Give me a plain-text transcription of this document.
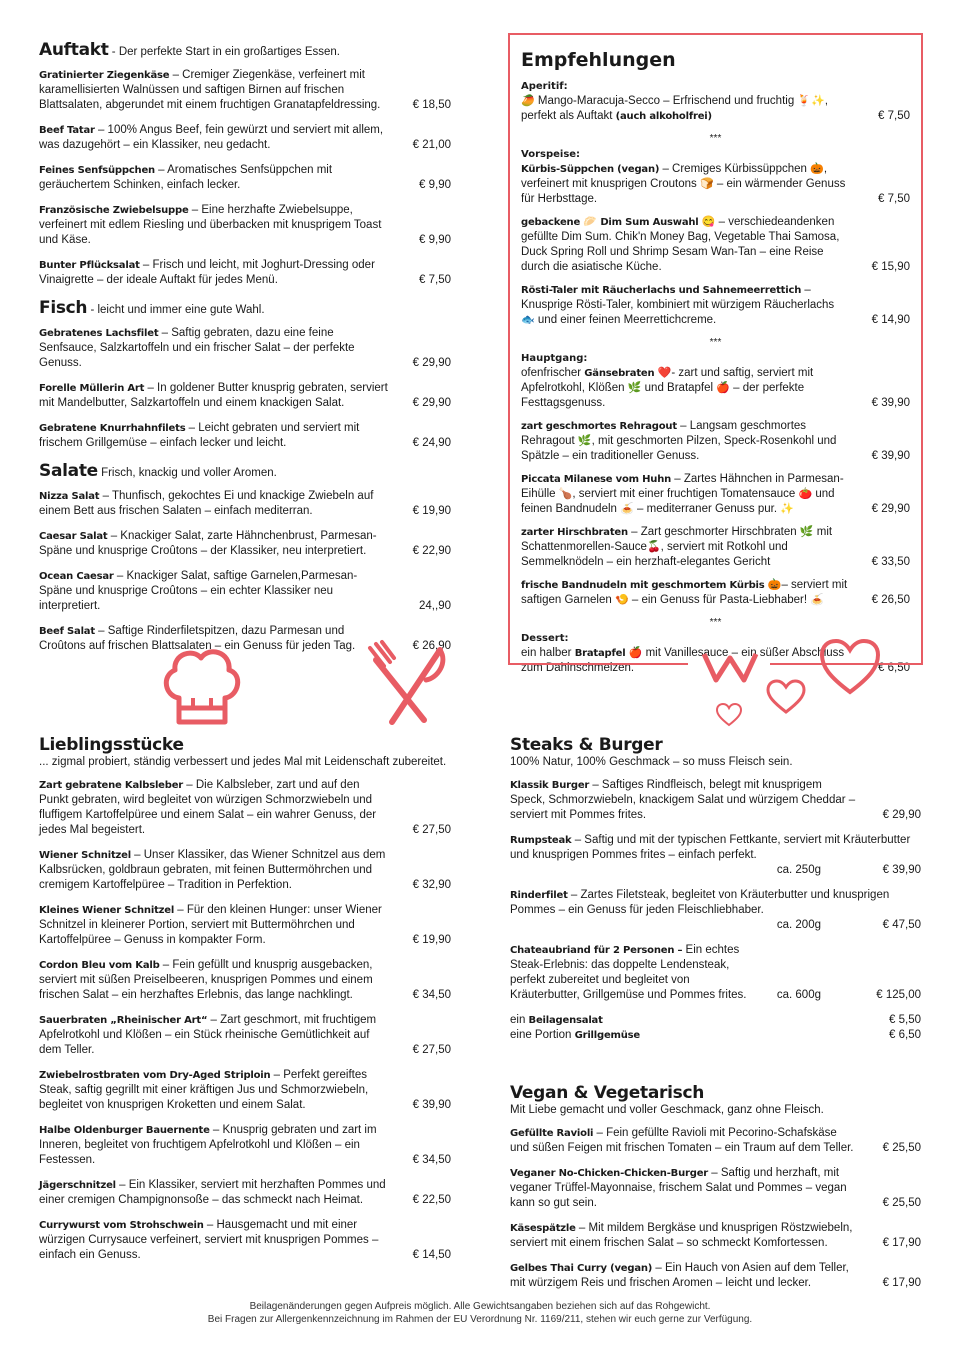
Auftakt - Der perfekte Start in ein großartiges Essen.
Gratinierter Ziegenkäse – Cremiger Ziegenkäse, verfeinert mit karamellisierten Walnüssen und saftigen Birnen auf frischen Blattsalaten, abgerundet mit einem fruchtigen Granatapfeldressing.	€ 18,50
Beef Tatar – 100% Angus Beef, fein gewürzt und serviert mit allem, was dazugehört – ein Klassiker, neu gedacht.	€ 21,00
Feines Senfsüppchen – Aromatisches Senfsüppchen mit geräuchertem Schinken, einfach lecker.	€ 9,90
Französische Zwiebelsuppe – Eine herzhafte Zwiebelsuppe, verfeinert mit edlem Riesling und überbacken mit knusprigem Toast und Käse.	€ 9,90
Bunter Pflücksalat – Frisch und leicht, mit Joghurt-Dressing oder Vinaigrette – der ideale Auftakt für jedes Menü.	€ 7,50
Fisch - leicht und immer eine gute Wahl.
Gebratenes Lachsfilet – Saftig gebraten, dazu eine feine Senfsauce, Salzkartoffeln und ein frischer Salat – der perfekte Genuss.	€ 29,90
Forelle Müllerin Art – In goldener Butter knusprig gebraten, serviert mit Mandelbutter, Salzkartoffeln und einem knackigen Salat.	€ 29,90
Gebratene Knurrhahnfilets – Leicht gebraten und serviert mit frischem Grillgemüse – einfach lecker und leicht.	€ 24,90
Salate Frisch, knackig und voller Aromen.
Nizza Salat – Thunfisch, gekochtes Ei und knackige Zwiebeln auf einem Bett aus frischen Salaten – einfach mediterran.	€ 19,90
Caesar Salat – Knackiger Salat, zarte Hähnchenbrust, Parmesan-Späne und knusprige Croûtons – der Klassiker, neu interpretiert.	€ 22,90
Ocean Caesar – Knackiger Salat, saftige Garnelen,Parmesan-Späne und knusprige Croûtons – ein echter Klassiker neu interpretiert.	24,,90
Beef Salat – Saftige Rinderfiletspitzen, dazu Parmesan und Croûtons auf frischen Blattsalaten – ein Genuss für jeden Tag.	€ 26,90
Empfehlungen
Aperitif:
🥭 Mango-Maracuja-Secco – Erfrischend und fruchtig 🍹✨,
perfekt als Auftakt (auch alkoholfrei)	€ 7,50
***
Vorspeise:
Kürbis-Süppchen (vegan) – Cremiges Kürbissüppchen 🎃, verfeinert mit knusprigen Croutons 🍞 – ein wärmender Genuss für Herbsttage.	€ 7,50
gebackene 🥟 Dim Sum Auswahl 😋 – verschiedeandenken gefüllte Dim Sum. Chik'n Money Bag, Vegetable Thai Samosa, Duck Spring Roll und Shrimp Sesam Wan-Tan – eine Reise durch die asiatische Küche.	€ 15,90
Rösti-Taler mit Räucherlachs und Sahnemeerrettich – Knusprige Rösti-Taler, kombiniert mit würzigem Räucherlachs 🐟 und einer feinen Meerrettichcreme.	€ 14,90
***
Hauptgang:
ofenfrischer Gänsebraten ❤️- zart und saftig, serviert mit Apfelrotkohl, Klößen 🌿 und Bratapfel 🍎 – der perfekte Festtagsgenuss.	€ 39,90
zart geschmortes Rehragout – Langsam geschmortes Rehragout 🌿, mit geschmorten Pilzen, Speck-Rosenkohl und Spätzle – ein traditioneller Genuss.	€ 39,90
Piccata Milanese vom Huhn – Zartes Hähnchen in Parmesan-Eihülle 🍗, serviert mit einer fruchtigen Tomatensauce 🍅 und feinen Bandnudeln 🍝 – mediterraner Genuss pur. ✨	€ 29,90
zarter Hirschbraten – Zart geschmorter Hirschbraten 🌿 mit Schattenmorellen-Sauce🍒, serviert mit Rotkohl und Semmelknödeln – ein herzhaft-elegantes Gericht	€ 33,50
frische Bandnudeln mit geschmortem Kürbis 🎃– serviert mit saftigen Garnelen 🍤 – ein Genuss für Pasta-Liebhaber! 🍝	€ 26,50
***
Dessert:
ein halber Bratapfel 🍎 mit Vanillesauce – ein süßer Abschluss zum Dahinschmelzen.	€ 6,50
Lieblingsstücke
... zigmal probiert, ständig verbessert und jedes Mal mit Leidenschaft zubereitet.
Zart gebratene Kalbsleber – Die Kalbsleber, zart und auf den Punkt gebraten, wird begleitet von würzigen Schmorzwiebeln und fluffigem Kartoffelpüree und einem Salat – ein wahrer Genuss, der jedes Mal begeistert.	€ 27,50
Wiener Schnitzel – Unser Klassiker, das Wiener Schnitzel aus dem Kalbsrücken, goldbraun gebraten, mit feinen Buttermöhrchen und cremigem Kartoffelpüree – Tradition in Perfektion.	€ 32,90
Kleines Wiener Schnitzel – Für den kleinen Hunger: unser Wiener Schnitzel in kleinerer Portion, serviert mit Buttermöhrchen und Kartoffelpüree – Genuss in kompakter Form.	€ 19,90
Cordon Bleu vom Kalb – Fein gefüllt und knusprig ausgebacken, serviert mit süßen Preiselbeeren, knusprigen Pommes und einem frischen Salat – ein herzhaftes Erlebnis, das lange nachklingt.	€ 34,50
Sauerbraten „Rheinischer Art“ – Zart geschmort, mit fruchtigem Apfelrotkohl und Klößen – ein Stück rheinische Gemütlichkeit auf dem Teller.	€ 27,50
Zwiebelrostbraten vom Dry-Aged Striploin – Perfekt gereiftes Steak, saftig gegrillt mit einer kräftigen Jus und Schmorzwiebeln, begleitet von knusprigen Kroketten und einem Salat.	€ 39,90
Halbe Oldenburger Bauernente – Knusprig gebraten und zart im Inneren, begleitet von fruchtigem Apfelrotkohl und Klößen – ein Festessen.	€ 34,50
Jägerschnitzel – Ein Klassiker, serviert mit herzhaften Pommes und einer cremigen Champignonsoße – das schmeckt nach Heimat.	€ 22,50
Currywurst vom Strohschwein – Hausgemacht und mit einer würzigen Currysauce verfeinert, serviert mit knusprigen Pommes – einfach ein Genuss.	€ 14,50
Steaks & Burger
100% Natur, 100% Geschmack – so muss Fleisch sein.
Klassik Burger – Saftiges Rindfleisch, belegt mit knusprigem Speck, Schmorzwiebeln, knackigem Salat und würzigem Cheddar – serviert mit Pommes frites.	€ 29,90
Rumpsteak – Saftig und mit der typischen Fettkante, serviert mit Kräuterbutter und knusprigen Pommes frites – einfach perfekt.

ca. 250g	€ 39,90
Rinderfilet – Zartes Filetsteak, begleitet von Kräuterbutter und knusprigen Pommes – ein Genuss für jeden Fleischliebhaber.

ca. 200g	€ 47,50
Chateaubriand für 2 Personen – Ein echtes Steak-Erlebnis: das doppelte Lendensteak, perfekt zubereitet und begleitet von Kräuterbutter, Grillgemüse und Pommes frites.	ca. 600g	€ 125,00
ein Beilagensalat	€ 5,50
eine Portion Grillgemüse	€ 6,50
Vegan & Vegetarisch
Mit Liebe gemacht und voller Geschmack, ganz ohne Fleisch.
Gefüllte Ravioli – Fein gefüllte Ravioli mit Pecorino-Schafskäse und süßen Feigen mit frischen Tomaten – ein Traum auf dem Teller.	€ 25,50
Veganer No-Chicken-Chicken-Burger – Saftig und herzhaft, mit veganer Trüffel-Mayonnaise, frischem Salat und Pommes – vegan kann so gut sein.	€ 25,50
Käsespätzle – Mit mildem Bergkäse und knusprigen Röstzwiebeln, serviert mit einem frischen Salat – so schmeckt Komfortessen.	€ 17,90
Gelbes Thai Curry (vegan) – Ein Hauch von Asien auf dem Teller, mit würzigem Reis und frischen Aromen – leicht und lecker.	€ 17,90
Beilagenänderungen gegen Aufpreis möglich. Alle Gewichtsangaben beziehen sich auf das Rohgewicht.
Bei Fragen zur Allergenkennzeichnung im Rahmen der EU Verordnung Nr. 1169/211, stehen wir euch gerne zur Verfügung.
